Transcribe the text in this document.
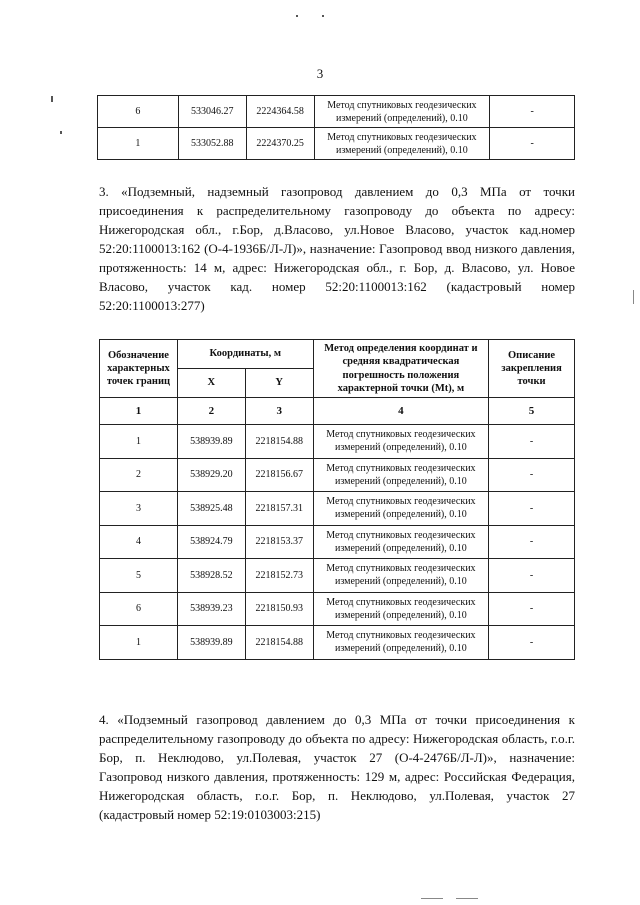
3
6	533046.27	2224364.58	Метод спутниковых геодезических измерений (определений), 0.10	-
1	533052.88	2224370.25	Метод спутниковых геодезических измерений (определений), 0.10	-
3. «Подземный, надземный газопровод давлением до 0,3 МПа от точки присоединения к распределительному газопроводу до объекта по адресу: Нижегородская обл., г.Бор, д.Власово, ул.Новое Власово, участок кад.номер 52:20:1100013:162 (О-4-1936Б/Л-Л)», назначение: Газопровод ввод низкого давления, протяженность: 14 м, адрес: Нижегородская обл., г. Бор, д. Власово, ул. Новое Власово, участок кад. номер 52:20:1100013:162 (кадастровый номер 52:20:1100013:277)
Обозначение характерных точек границ	Координаты, м		Метод определения координат и средняя квадратическая погрешность положения характерной точки (Mt), м	Описание закрепления точки
	X	Y		
1	2	3	4	5
1	538939.89	2218154.88	Метод спутниковых геодезических измерений (определений), 0.10	-
2	538929.20	2218156.67	Метод спутниковых геодезических измерений (определений), 0.10	-
3	538925.48	2218157.31	Метод спутниковых геодезических измерений (определений), 0.10	-
4	538924.79	2218153.37	Метод спутниковых геодезических измерений (определений), 0.10	-
5	538928.52	2218152.73	Метод спутниковых геодезических измерений (определений), 0.10	-
6	538939.23	2218150.93	Метод спутниковых геодезических измерений (определений), 0.10	-
1	538939.89	2218154.88	Метод спутниковых геодезических измерений (определений), 0.10	-
4. «Подземный газопровод давлением до 0,3 МПа от точки присоединения к распределительному газопроводу до объекта по адресу: Нижегородская область, г.о.г. Бор, п. Неклюдово, ул.Полевая, участок 27 (О-4-2476Б/Л-Л)», назначение: Газопровод низкого давления, протяженность: 129 м, адрес: Российская Федерация, Нижегородская область, г.о.г. Бор, п. Неклюдово, ул.Полевая, участок 27 (кадастровый номер 52:19:0103003:215)
